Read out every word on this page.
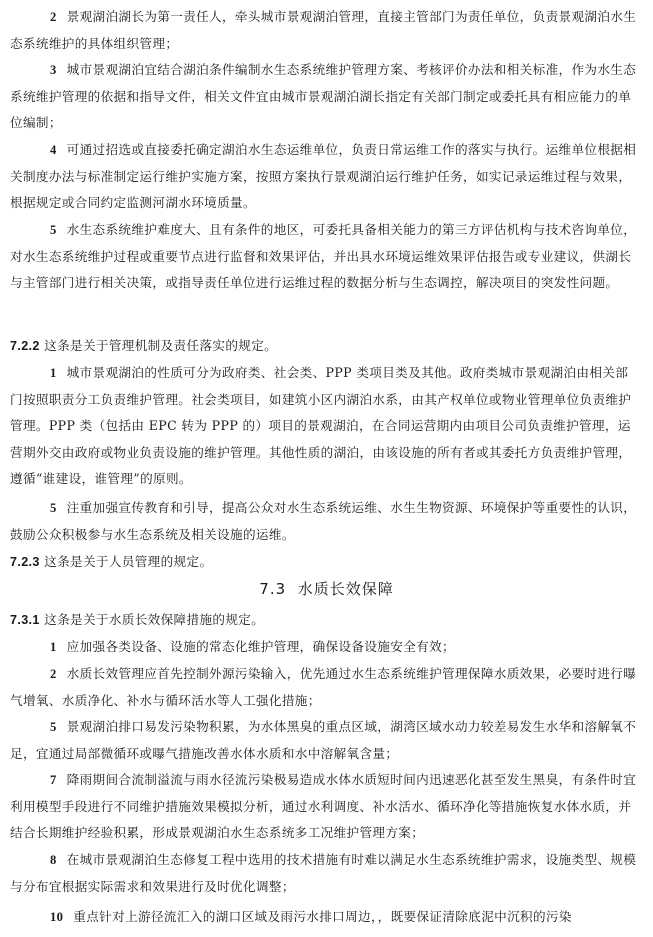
2 景观湖泊湖长为第一责任人，牵头城市景观湖泊管理，直接主管部门为责任单位，负责景观湖泊水生态系统维护的具体组织管理；

3 城市景观湖泊宜结合湖泊条件编制水生态系统维护管理方案、考核评价办法和相关标准，作为水生态系统维护管理的依据和指导文件，相关文件宜由城市景观湖泊湖长指定有关部门制定或委托具有相应能力的单位编制；

4 可通过招选或直接委托确定湖泊水生态运维单位，负责日常运维工作的落实与执行。运维单位根据相关制度办法与标准制定运行维护实施方案，按照方案执行景观湖泊运行维护任务，如实记录运维过程与效果，根据规定或合同约定监测河湖水环境质量。

5 水生态系统维护难度大、且有条件的地区，可委托具备相关能力的第三方评估机构与技术咨询单位，对水生态系统维护过程或重要节点进行监督和效果评估，并出具水环境运维效果评估报告或专业建议，供湖长与主管部门进行相关决策，或指导责任单位进行运维过程的数据分析与生态调控，解决项目的突发性问题。

7.2.2 这条是关于管理机制及责任落实的规定。

1 城市景观湖泊的性质可分为政府类、社会类、PPP 类项目类及其他。政府类城市景观湖泊由相关部门按照职责分工负责维护管理。社会类项目，如建筑小区内湖泊水系，由其产权单位或物业管理单位负责维护管理。PPP 类（包括由 EPC 转为 PPP 的）项目的景观湖泊，在合同运营期内由项目公司负责维护管理，运营期外交由政府或物业负责设施的维护管理。其他性质的湖泊，由该设施的所有者或其委托方负责维护管理，遵循“谁建设，谁管理”的原则。

5 注重加强宣传教育和引导，提高公众对水生态系统运维、水生生物资源、环境保护等重要性的认识，鼓励公众积极参与水生态系统及相关设施的运维。

7.2.3 这条是关于人员管理的规定。

7.3 水质长效保障

7.3.1 这条是关于水质长效保障措施的规定。

1 应加强各类设备、设施的常态化维护管理，确保设备设施安全有效；

2 水质长效管理应首先控制外源污染输入，优先通过水生态系统维护管理保障水质效果，必要时进行曝气增氧、水质净化、补水与循环活水等人工强化措施；

5 景观湖泊排口易发污染物积累，为水体黑臭的重点区域，湖湾区域水动力较差易发生水华和溶解氧不足，宜通过局部微循环或曝气措施改善水体水质和水中溶解氧含量；

7 降雨期间合流制溢流与雨水径流污染极易造成水体水质短时间内迅速恶化甚至发生黑臭，有条件时宜利用模型手段进行不同维护措施效果模拟分析，通过水利调度、补水活水、循环净化等措施恢复水体水质，并结合长期维护经验积累，形成景观湖泊水生态系统多工况维护管理方案；

8 在城市景观湖泊生态修复工程中选用的技术措施有时难以满足水生态系统维护需求，设施类型、规模与分布宜根据实际需求和效果进行及时优化调整；

10 重点针对上游径流汇入的湖口区域及雨污水排口周边，，既要保证清除底泥中沉积的污染
